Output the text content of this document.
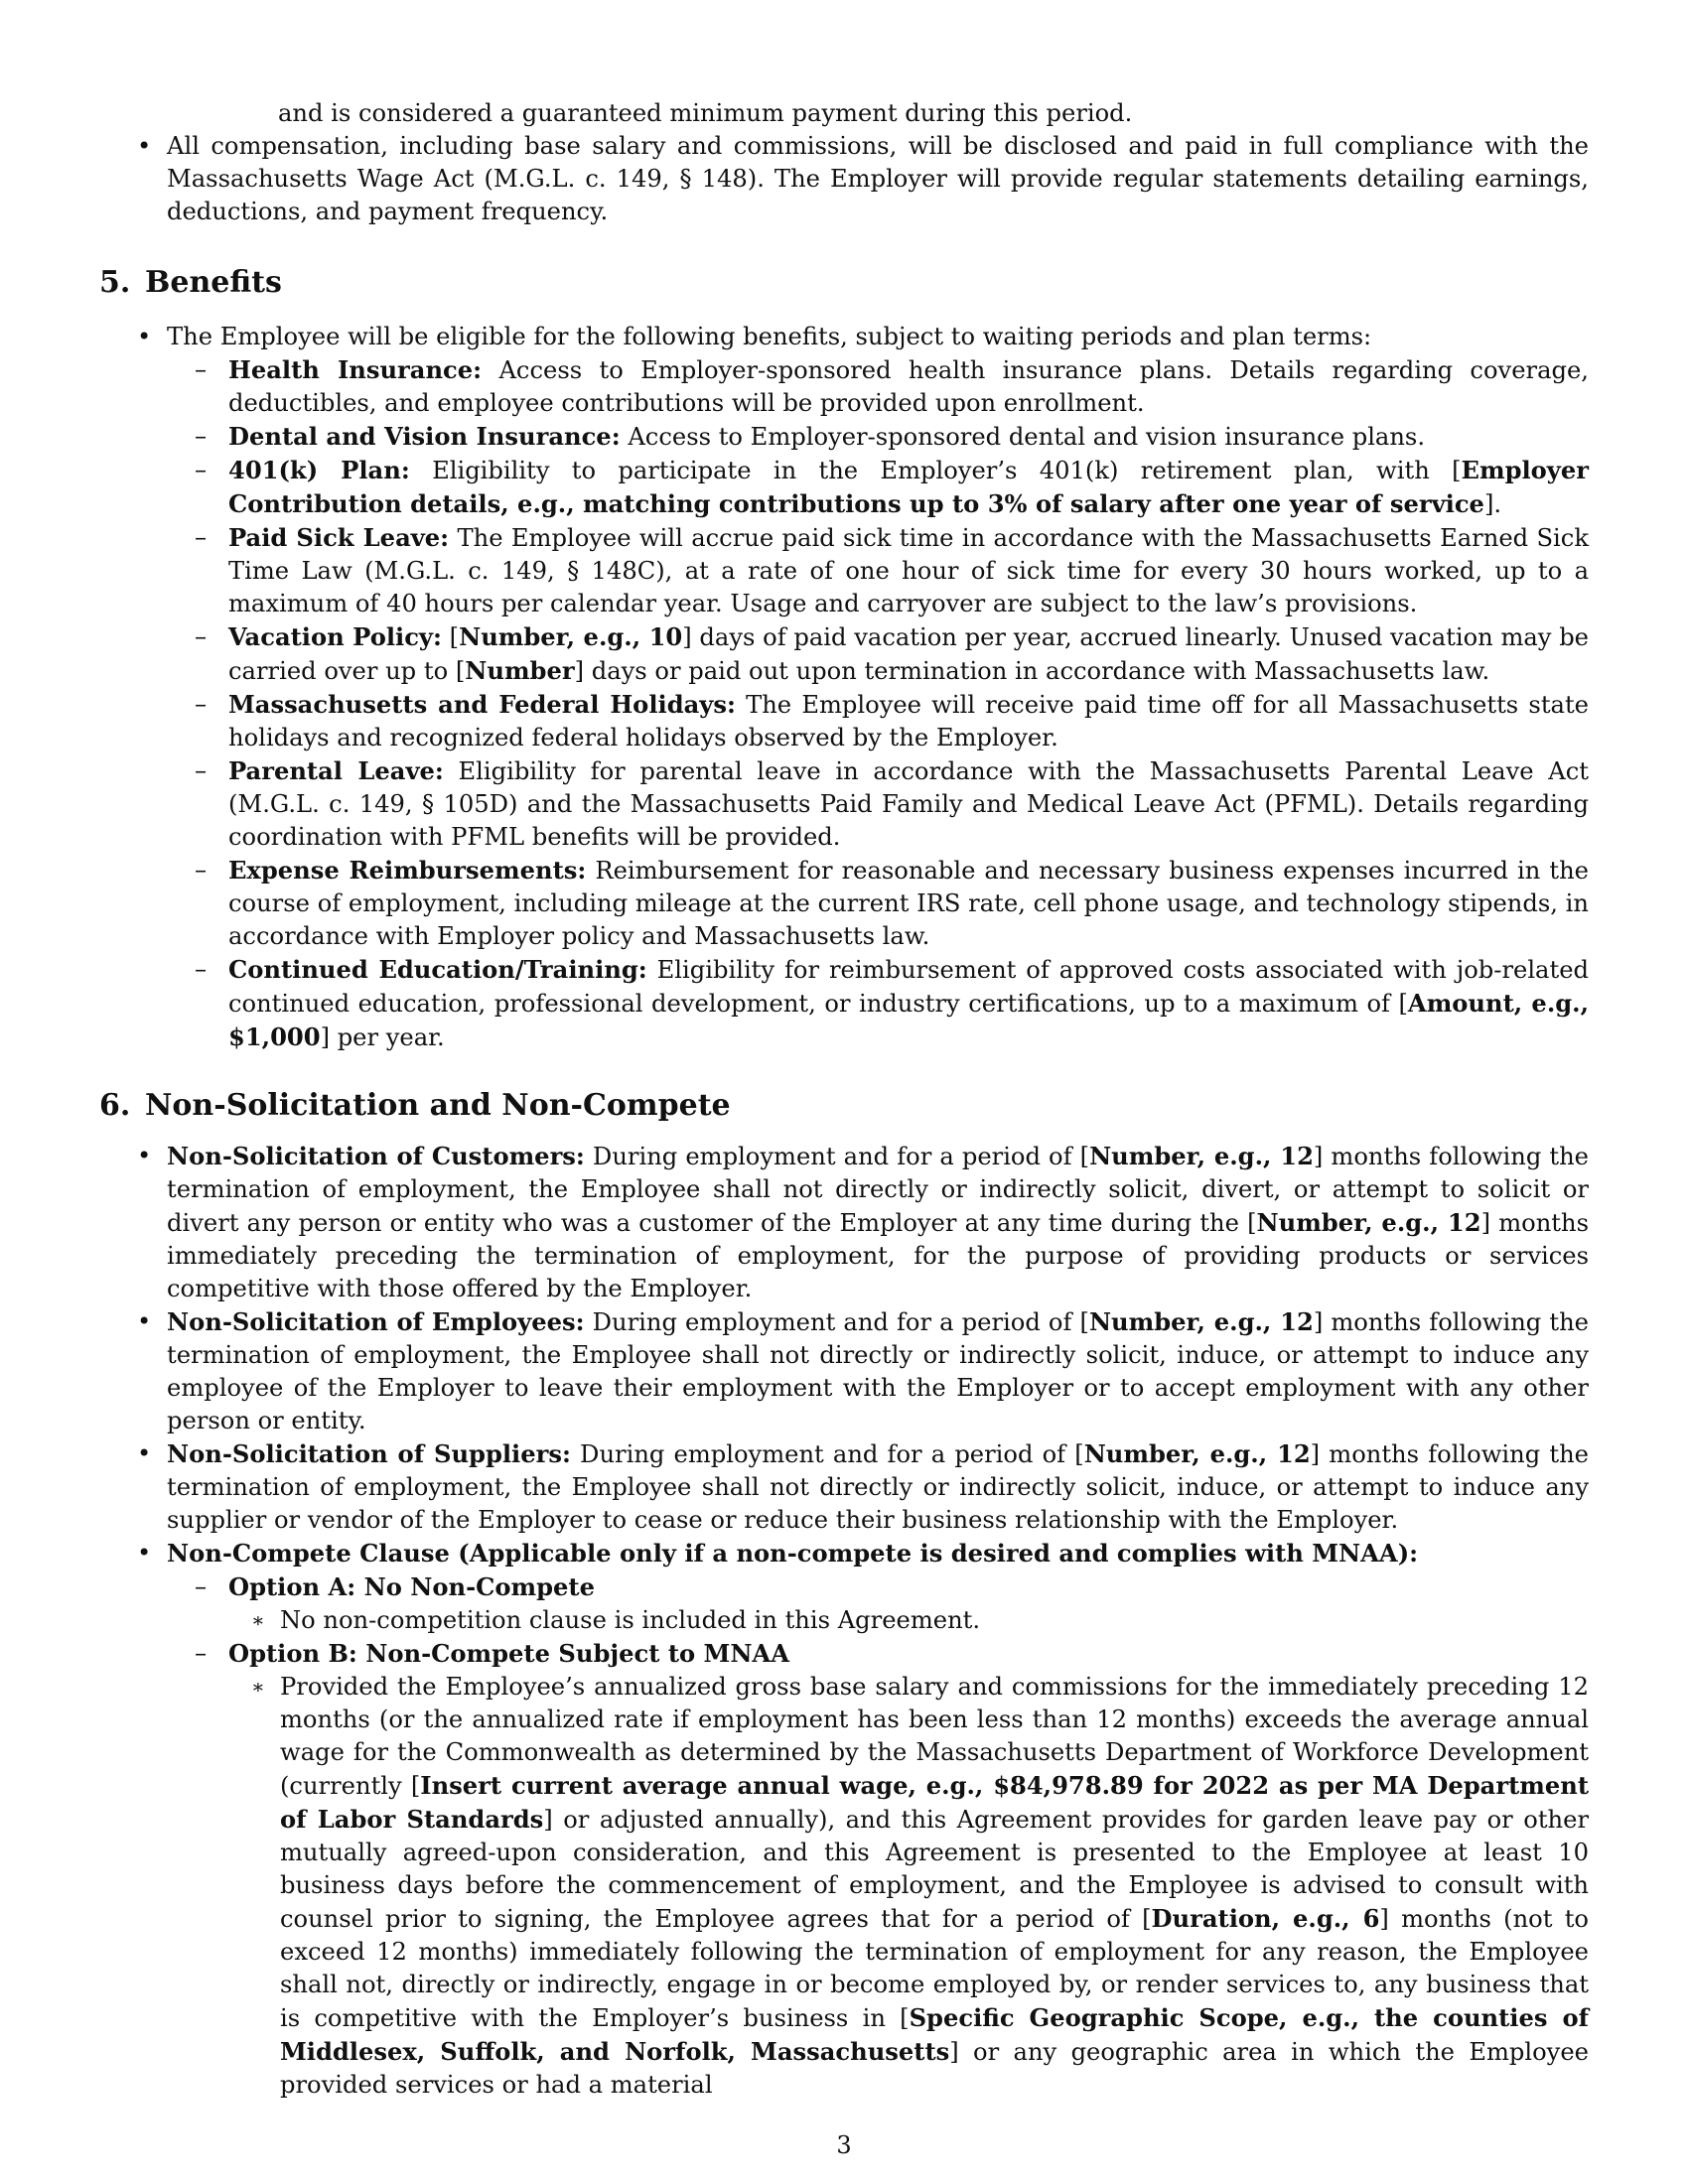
and is considered a guaranteed minimum payment during this period.

• All compensation, including base salary and commissions, will be disclosed and paid in full compliance with the Massachusetts Wage Act (M.G.L. c. 149, § 148). The Employer will provide regular statements detailing earnings, deductions, and payment frequency.
5. Benefits
• The Employee will be eligible for the following benefits, subject to waiting periods and plan terms:
– Health Insurance: Access to Employer-sponsored health insurance plans. Details regarding coverage, deductibles, and employee contributions will be provided upon enrollment.
– Dental and Vision Insurance: Access to Employer-sponsored dental and vision insurance plans.
– 401(k) Plan: Eligibility to participate in the Employer’s 401(k) retirement plan, with [Employer Contribution details, e.g., matching contributions up to 3% of salary after one year of service].
– Paid Sick Leave: The Employee will accrue paid sick time in accordance with the Massachusetts Earned Sick Time Law (M.G.L. c. 149, § 148C), at a rate of one hour of sick time for every 30 hours worked, up to a maximum of 40 hours per calendar year. Usage and carryover are subject to the law’s provisions.
– Vacation Policy: [Number, e.g., 10] days of paid vacation per year, accrued linearly. Unused vacation may be carried over up to [Number] days or paid out upon termination in accordance with Massachusetts law.
– Massachusetts and Federal Holidays: The Employee will receive paid time off for all Massachusetts state holidays and recognized federal holidays observed by the Employer.
– Parental Leave: Eligibility for parental leave in accordance with the Massachusetts Parental Leave Act (M.G.L. c. 149, § 105D) and the Massachusetts Paid Family and Medical Leave Act (PFML). Details regarding coordination with PFML benefits will be provided.
– Expense Reimbursements: Reimbursement for reasonable and necessary business expenses incurred in the course of employment, including mileage at the current IRS rate, cell phone usage, and technology stipends, in accordance with Employer policy and Massachusetts law.
– Continued Education/Training: Eligibility for reimbursement of approved costs associated with job-related continued education, professional development, or industry certifications, up to a maximum of [Amount, e.g., $1,000] per year.
6. Non-Solicitation and Non-Compete
• Non-Solicitation of Customers: During employment and for a period of [Number, e.g., 12] months following the termination of employment, the Employee shall not directly or indirectly solicit, divert, or attempt to solicit or divert any person or entity who was a customer of the Employer at any time during the [Number, e.g., 12] months immediately preceding the termination of employment, for the purpose of providing products or services competitive with those offered by the Employer.
• Non-Solicitation of Employees: During employment and for a period of [Number, e.g., 12] months following the termination of employment, the Employee shall not directly or indirectly solicit, induce, or attempt to induce any employee of the Employer to leave their employment with the Employer or to accept employment with any other person or entity.
• Non-Solicitation of Suppliers: During employment and for a period of [Number, e.g., 12] months following the termination of employment, the Employee shall not directly or indirectly solicit, induce, or attempt to induce any supplier or vendor of the Employer to cease or reduce their business relationship with the Employer.
• Non-Compete Clause (Applicable only if a non-compete is desired and complies with MNAA):
– Option A: No Non-Compete
∗ No non-competition clause is included in this Agreement.
– Option B: Non-Compete Subject to MNAA
∗ Provided the Employee’s annualized gross base salary and commissions for the immediately preceding 12 months (or the annualized rate if employment has been less than 12 months) exceeds the average annual wage for the Commonwealth as determined by the Massachusetts Department of Workforce Development (currently [Insert current average annual wage, e.g., $84,978.89 for 2022 as per MA Department of Labor Standards] or adjusted annually), and this Agreement provides for garden leave pay or other mutually agreed-upon consideration, and this Agreement is presented to the Employee at least 10 business days before the commencement of employment, and the Employee is advised to consult with counsel prior to signing, the Employee agrees that for a period of [Duration, e.g., 6] months (not to exceed 12 months) immediately following the termination of employment for any reason, the Employee shall not, directly or indirectly, engage in or become employed by, or render services to, any business that is competitive with the Employer’s business in [Specific Geographic Scope, e.g., the counties of Middlesex, Suffolk, and Norfolk, Massachusetts] or any geographic area in which the Employee provided services or had a material
3
